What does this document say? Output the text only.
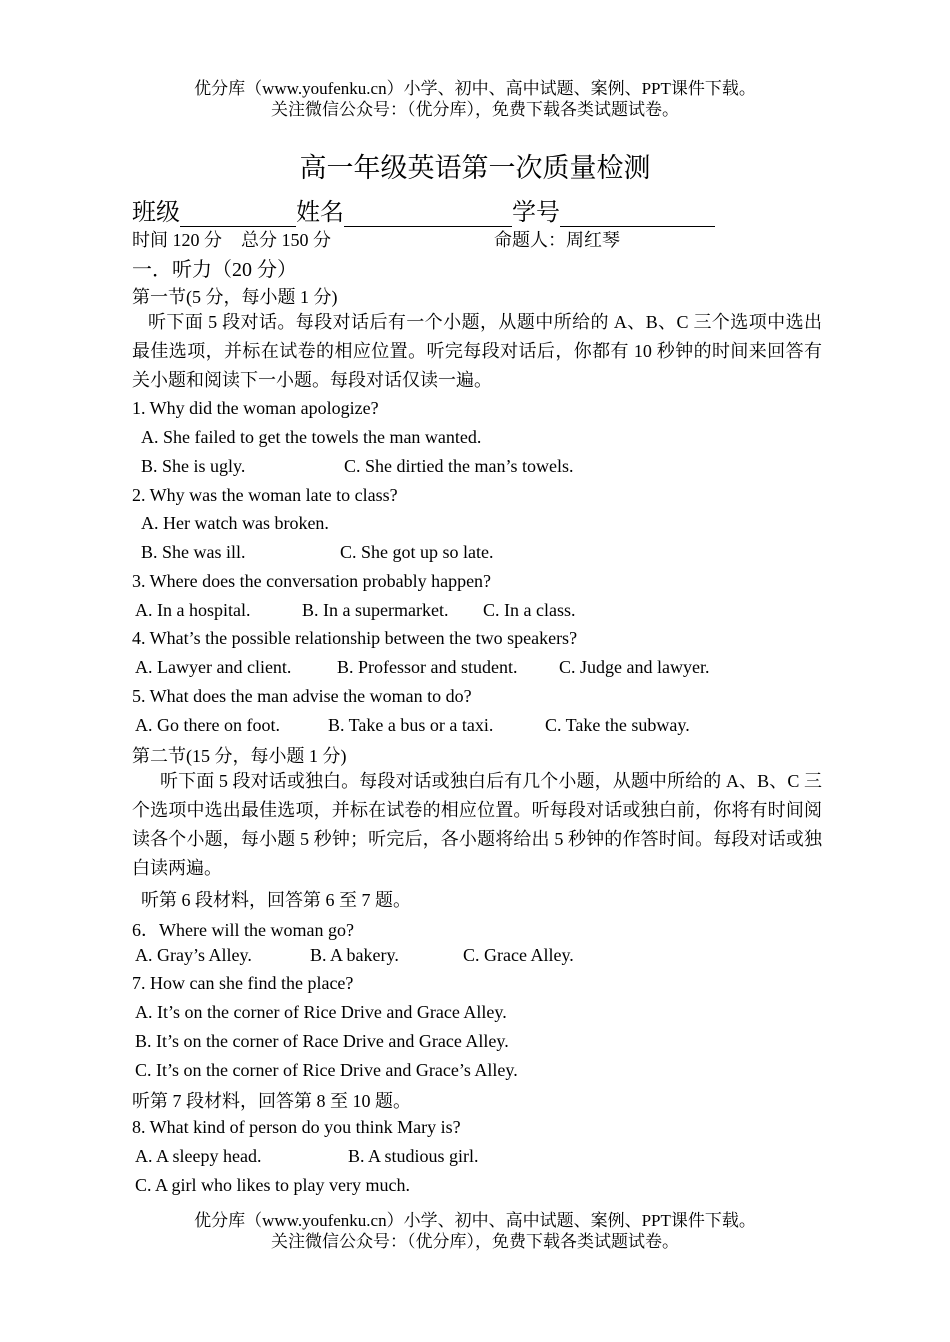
优分库（www.youfenku.cn）小学、初中、高中试题、案例、PPT课件下载。
关注微信公众号：（优分库），免费下载各类试题试卷。
高一年级英语第一次质量检测
班级	姓名	学号
时间 120 分 总分 150 分	命题人：周红琴
一．听力（20 分）
第一节(5 分，每小题 1 分)
听下面 5 段对话。每段对话后有一个小题，从题中所给的 A、B、C 三个选项中选出最佳选项，并标在试卷的相应位置。听完每段对话后，你都有 10 秒钟的时间来回答有关小题和阅读下一小题。每段对话仅读一遍。
1. Why did the woman apologize?
A. She failed to get the towels the man wanted.
B. She is ugly.	C. She dirtied the man’s towels.
2. Why was the woman late to class?
A. Her watch was broken.
B. She was ill.	C. She got up so late.
3. Where does the conversation probably happen?
A. In a hospital.	B. In a supermarket. C. In a class.
4. What’s the possible relationship between the two speakers?
A. Lawyer and client.	B. Professor and student. C. Judge and lawyer.
5. What does the man advise the woman to do?
A. Go there on foot.	B. Take a bus or a taxi.	C. Take the subway.
第二节(15 分，每小题 1 分)
听下面 5 段对话或独白。每段对话或独白后有几个小题，从题中所给的 A、B、C 三个选项中选出最佳选项，并标在试卷的相应位置。听每段对话或独白前，你将有时间阅读各个小题，每小题 5 秒钟；听完后，各小题将给出 5 秒钟的作答时间。每段对话或独白读两遍。
听第 6 段材料，回答第 6 至 7 题。
6．Where will the woman go?
A. Gray’s Alley.	B. A bakery.	C. Grace Alley.
7. How can she find the place?
A. It’s on the corner of Rice Drive and Grace Alley.
B. It’s on the corner of Race Drive and Grace Alley.
C. It’s on the corner of Rice Drive and Grace’s Alley.
听第 7 段材料，回答第 8 至 10 题。
8. What kind of person do you think Mary is?
A. A sleepy head.	B. A studious girl.
C. A girl who likes to play very much.
优分库（www.youfenku.cn）小学、初中、高中试题、案例、PPT课件下载。
关注微信公众号：（优分库），免费下载各类试题试卷。
